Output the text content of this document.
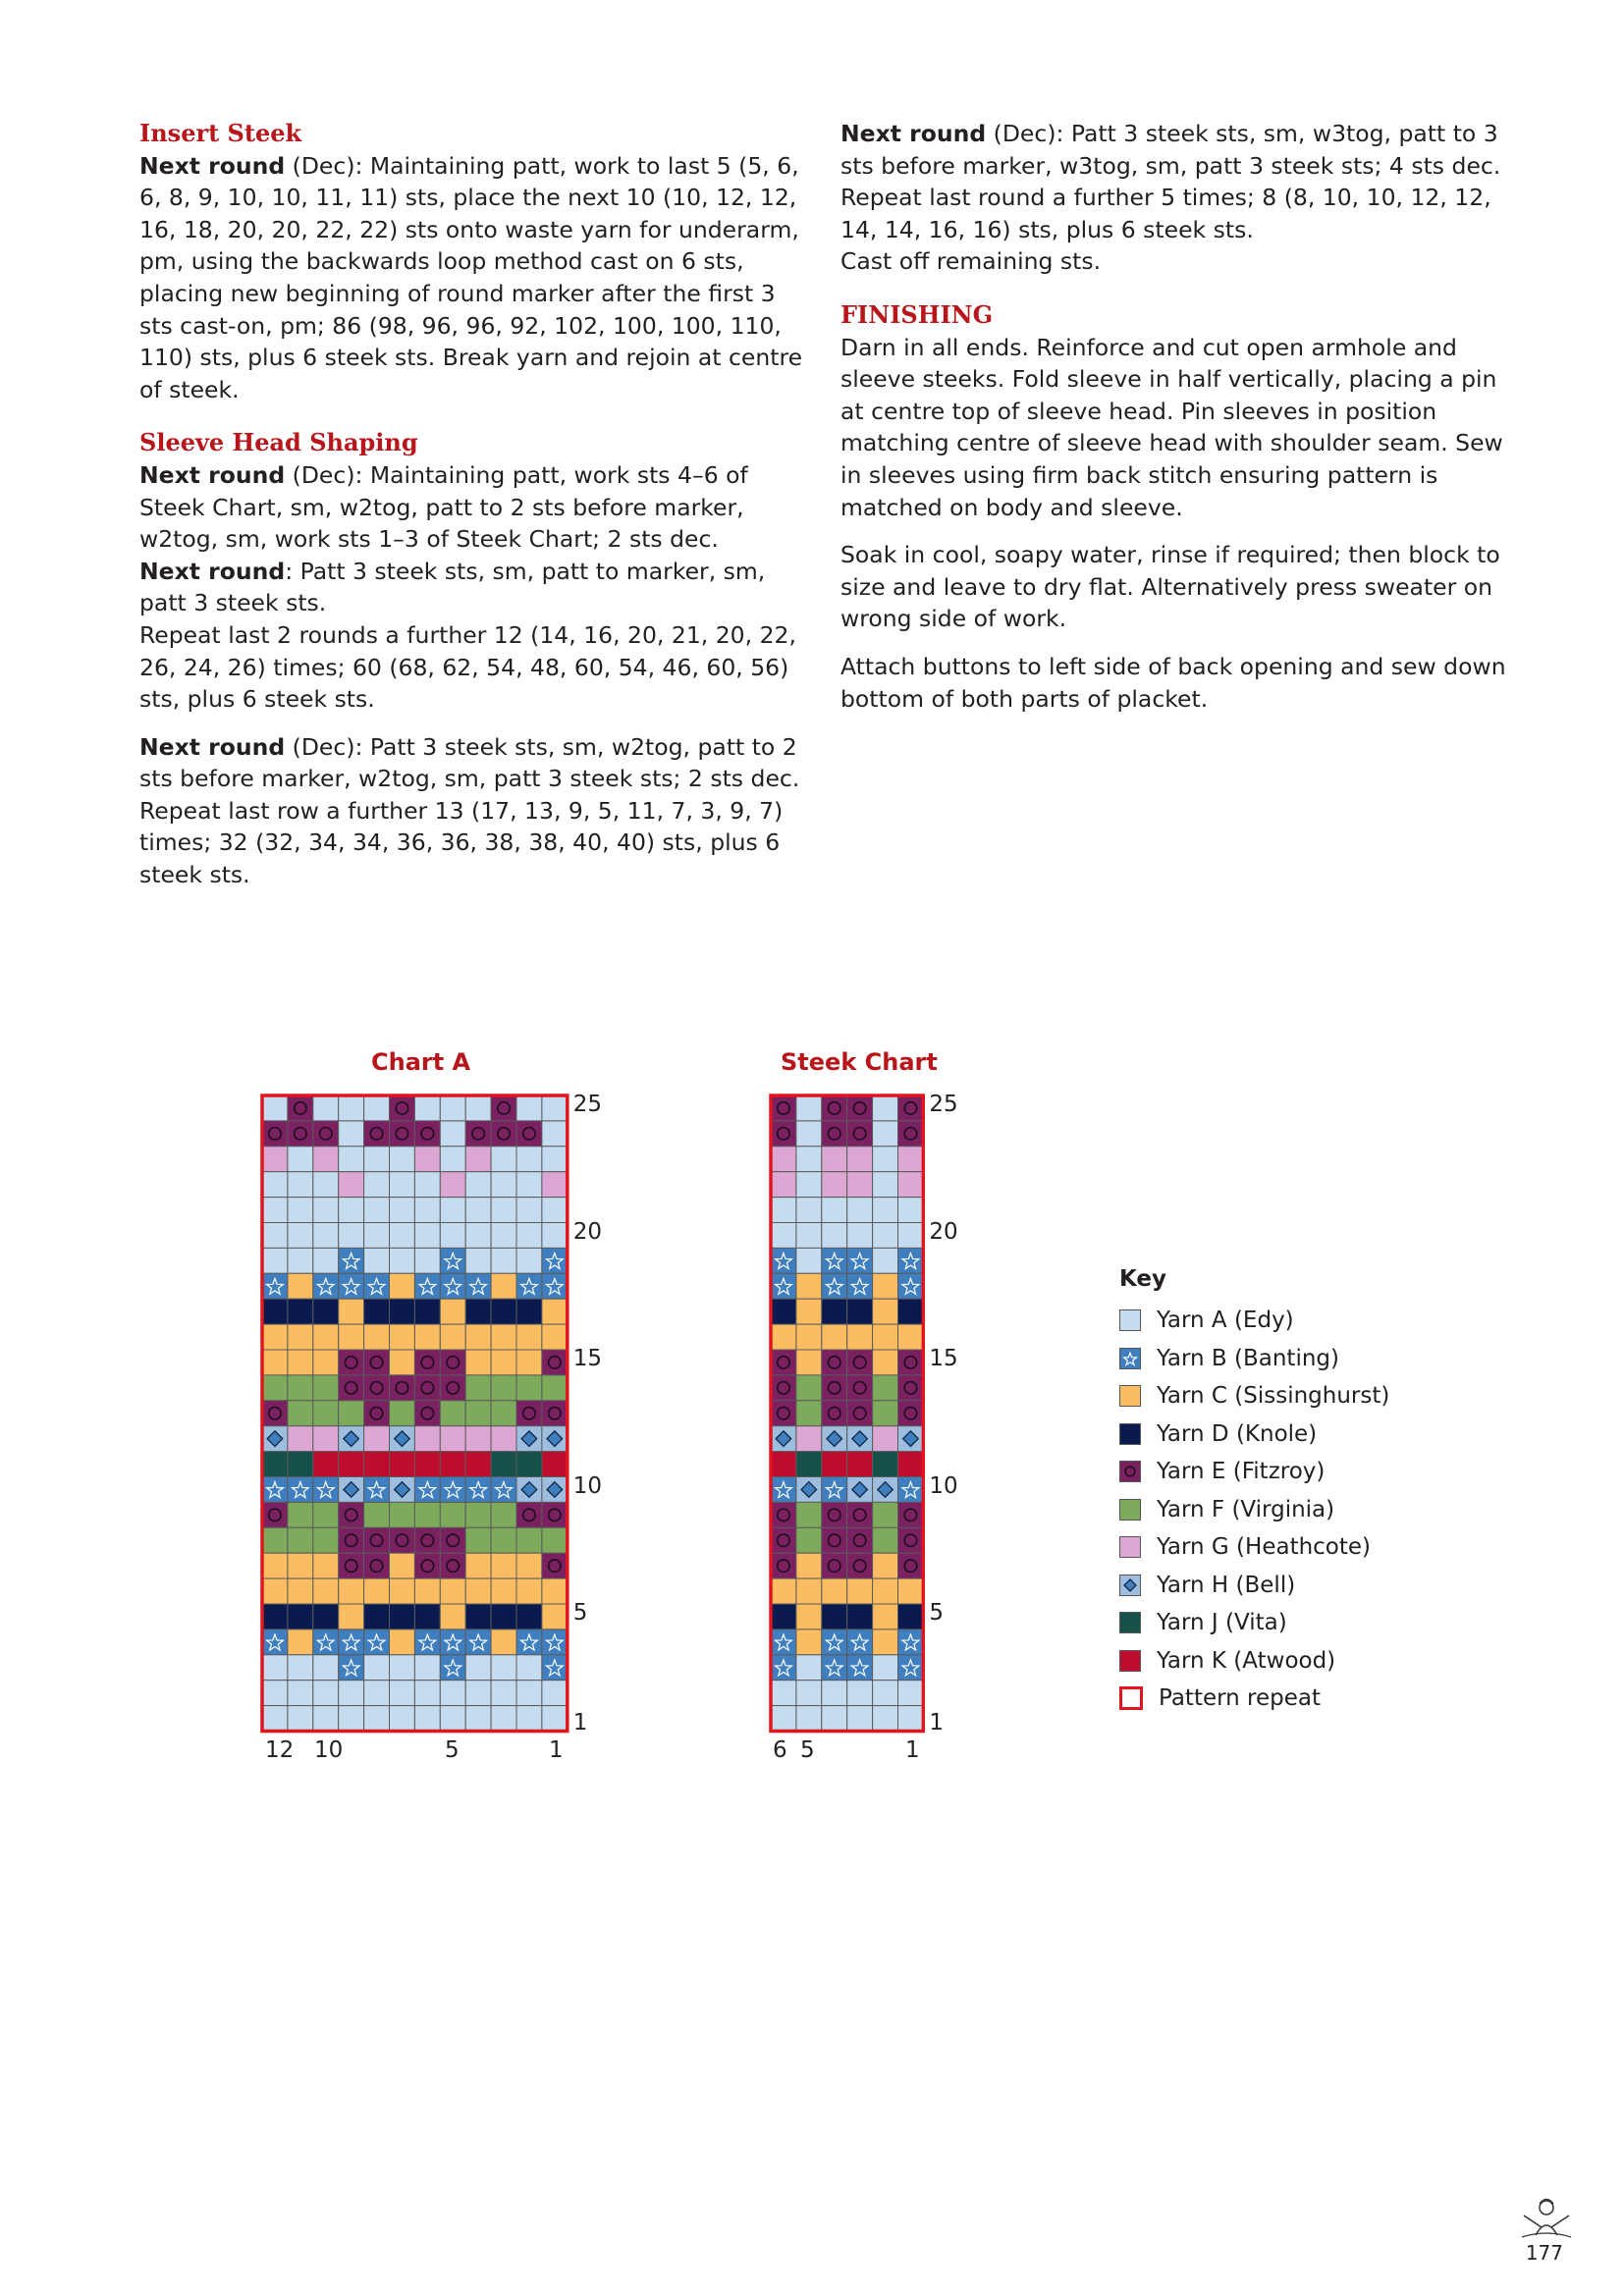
Insert Steek
Next round (Dec): Maintaining patt, work to last 5 (5, 6, 6, 8, 9, 10, 10, 11, 11) sts, place the next 10 (10, 12, 12, 16, 18, 20, 20, 22, 22) sts onto waste yarn for underarm, pm, using the backwards loop method cast on 6 sts, placing new beginning of round marker after the first 3 sts cast-on, pm; 86 (98, 96, 96, 92, 102, 100, 100, 110, 110) sts, plus 6 steek sts. Break yarn and rejoin at centre of steek.
Sleeve Head Shaping
Next round (Dec): Maintaining patt, work sts 4–6 of Steek Chart, sm, w2tog, patt to 2 sts before marker, w2tog, sm, work sts 1–3 of Steek Chart; 2 sts dec.
Next round: Patt 3 steek sts, sm, patt to marker, sm, patt 3 steek sts.
Repeat last 2 rounds a further 12 (14, 16, 20, 21, 20, 22, 26, 24, 26) times; 60 (68, 62, 54, 48, 60, 54, 46, 60, 56) sts, plus 6 steek sts.
Next round (Dec): Patt 3 steek sts, sm, w2tog, patt to 2 sts before marker, w2tog, sm, patt 3 steek sts; 2 sts dec.
Repeat last row a further 13 (17, 13, 9, 5, 11, 7, 3, 9, 7) times; 32 (32, 34, 34, 36, 36, 38, 38, 40, 40) sts, plus 6 steek sts.
Next round (Dec): Patt 3 steek sts, sm, w3tog, patt to 3 sts before marker, w3tog, sm, patt 3 steek sts; 4 sts dec.
Repeat last round a further 5 times; 8 (8, 10, 10, 12, 12, 14, 14, 16, 16) sts, plus 6 steek sts.
Cast off remaining sts.
FINISHING
Darn in all ends. Reinforce and cut open armhole and sleeve steeks. Fold sleeve in half vertically, placing a pin at centre top of sleeve head. Pin sleeves in position matching centre of sleeve head with shoulder seam. Sew in sleeves using firm back stitch ensuring pattern is matched on body and sleeve.
Soak in cool, soapy water, rinse if required; then block to size and leave to dry flat. Alternatively press sweater on wrong side of work.
Attach buttons to left side of back opening and sew down bottom of both parts of placket.
Chart A
25
20
15
10
5
1
12 10	5	1
Steek Chart
25
20
15
10
5
1
6 5	1
Key
Yarn A (Edy)
Yarn B (Banting)
Yarn C (Sissinghurst)
Yarn D (Knole)
Yarn E (Fitzroy)
Yarn F (Virginia)
Yarn G (Heathcote)
Yarn H (Bell)
Yarn J (Vita)
Yarn K (Atwood)
Pattern repeat
177
